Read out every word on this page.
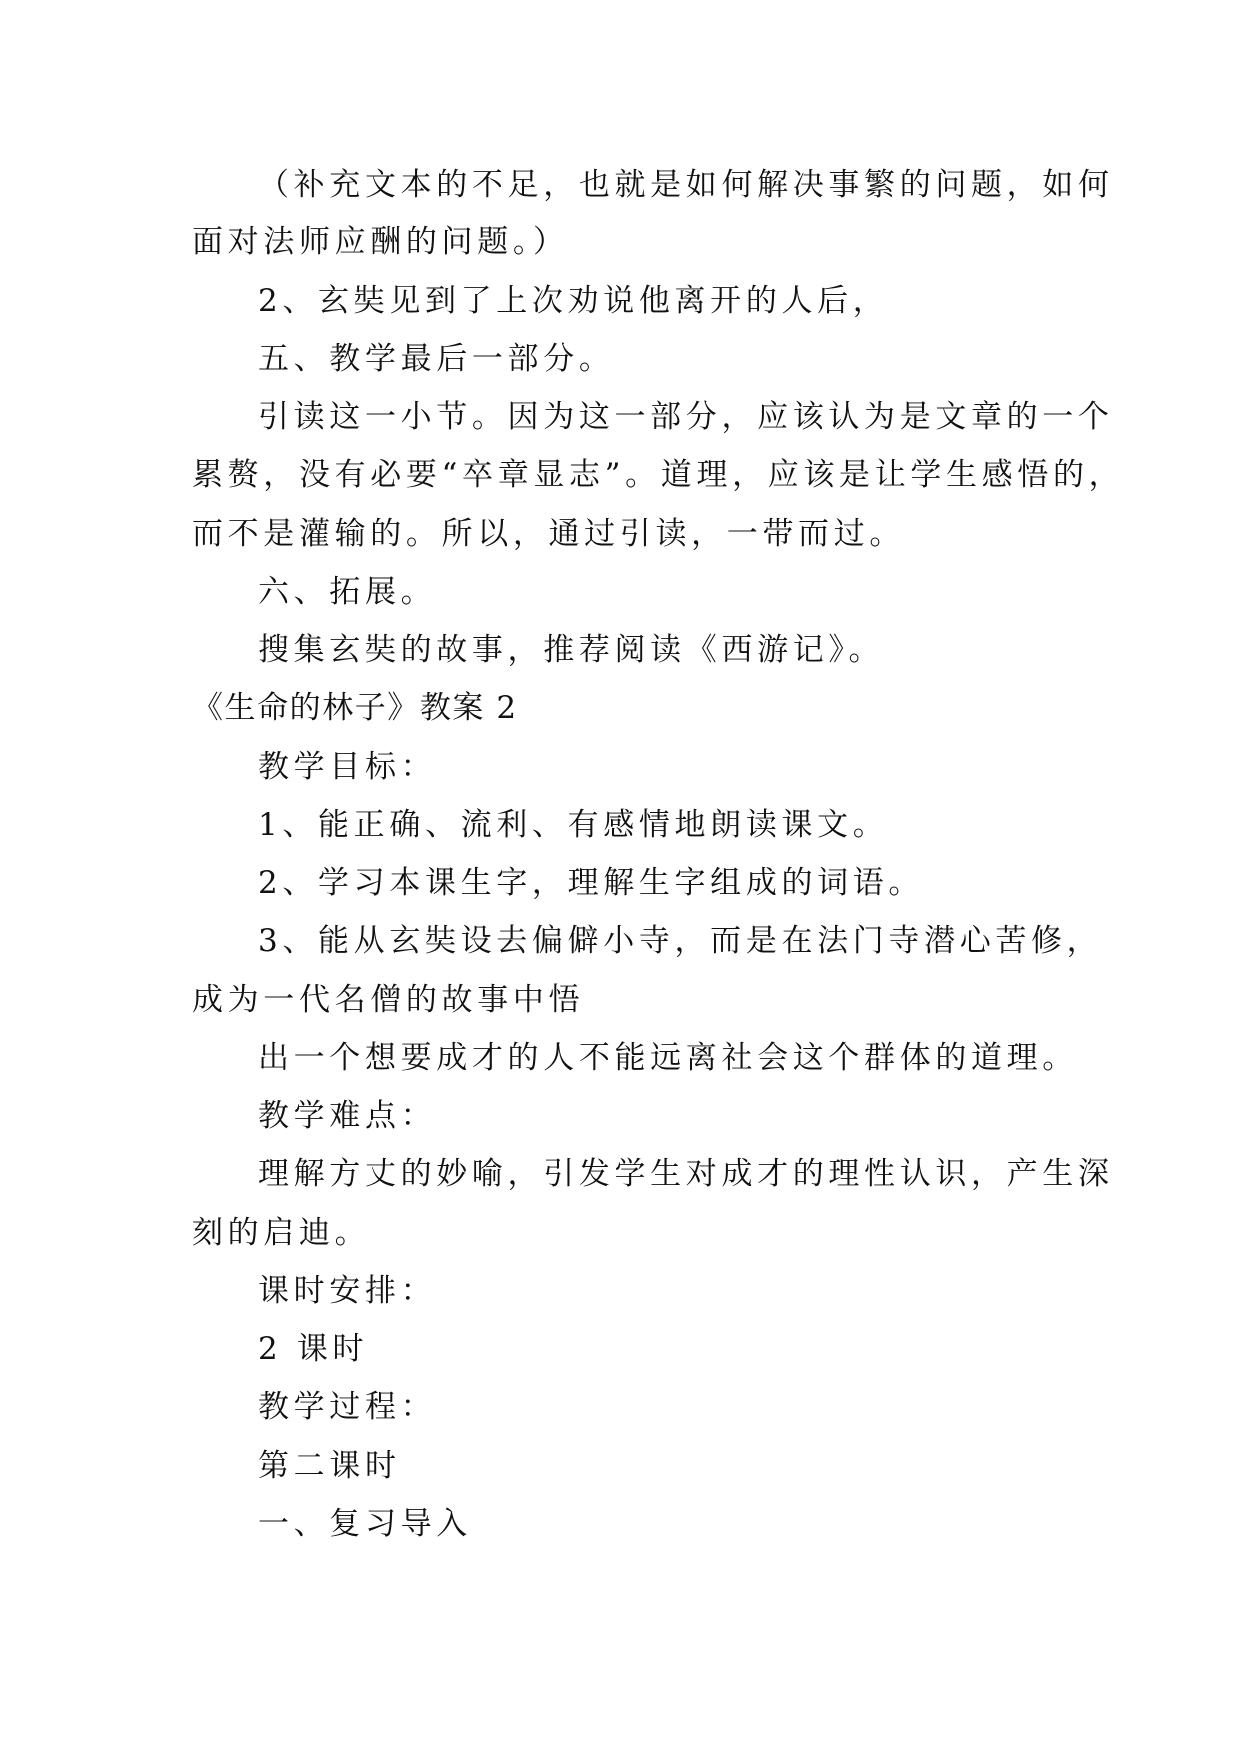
（补充文本的不足，也就是如何解决事繁的问题，如何

面对法师应酬的问题。）

2、玄奘见到了上次劝说他离开的人后，

五、教学最后一部分。

引读这一小节。因为这一部分，应该认为是文章的一个

累赘，没有必要“卒章显志”。道理，应该是让学生感悟的，

而不是灌输的。所以，通过引读，一带而过。

六、拓展。

搜集玄奘的故事，推荐阅读《西游记》。

《生命的林子》教案 2

教学目标：

1、能正确、流利、有感情地朗读课文。

2、学习本课生字，理解生字组成的词语。

3、能从玄奘设去偏僻小寺，而是在法门寺潜心苦修，

成为一代名僧的故事中悟

出一个想要成才的人不能远离社会这个群体的道理。

教学难点：

理解方丈的妙喻，引发学生对成才的理性认识，产生深

刻的启迪。

课时安排：

2 课时

教学过程：

第二课时

一、复习导入
